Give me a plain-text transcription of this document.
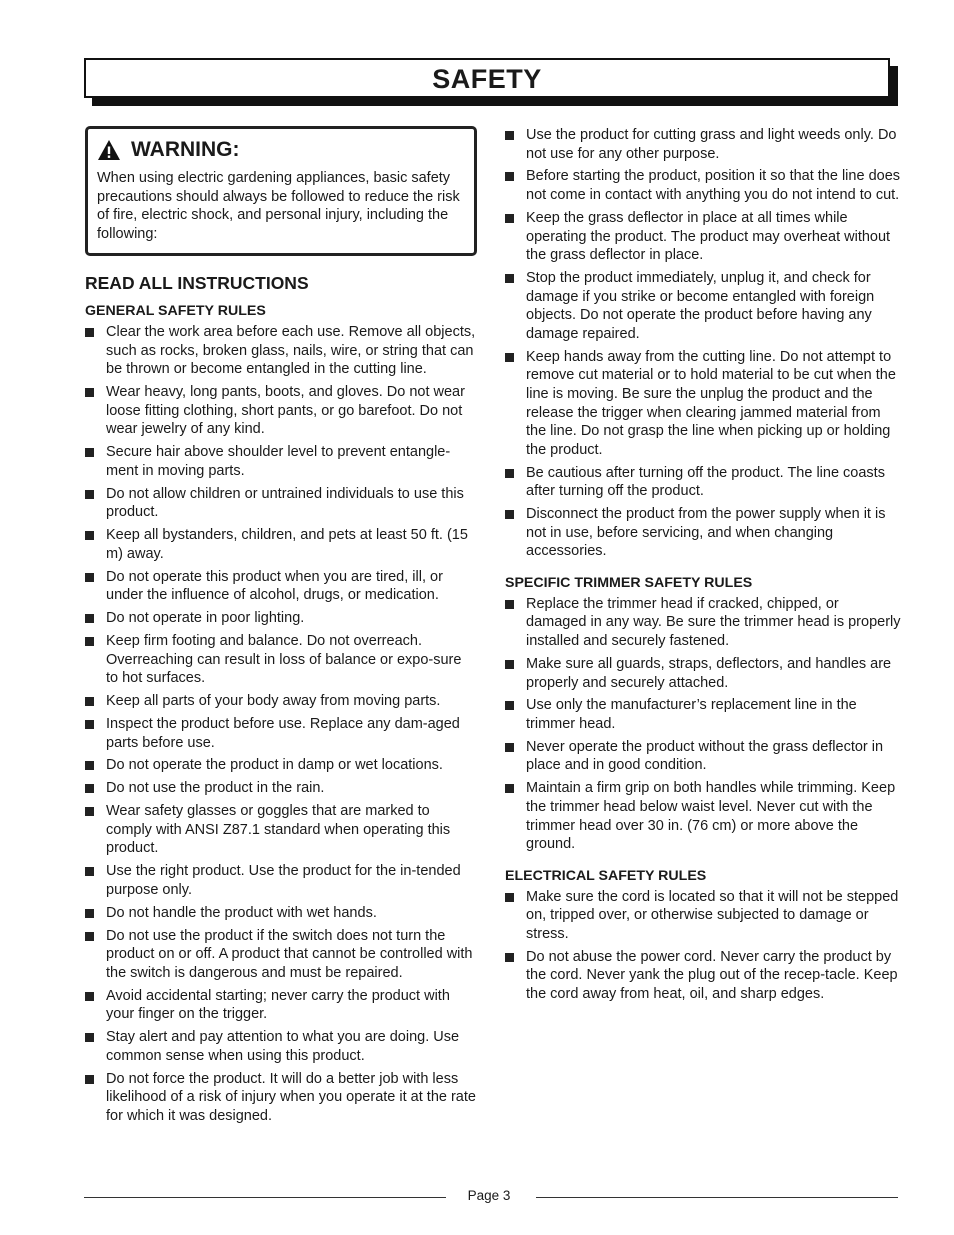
SAFETY
WARNING:
When using electric gardening appliances, basic safety precautions should always be followed to reduce the risk of fire, electric shock, and personal injury, including the following:
READ ALL INSTRUCTIONS
GENERAL SAFETY RULES
Clear the work area before each use. Remove all objects, such as rocks, broken glass, nails, wire, or string that can be thrown or become entangled in the cutting line.
Wear heavy, long pants, boots, and gloves. Do not wear loose fitting clothing, short pants, or go barefoot. Do not wear jewelry of any kind.
Secure hair above shoulder level to prevent entangle-ment in moving parts.
Do not allow children or untrained individuals to use this product.
Keep all bystanders, children, and pets at least 50 ft. (15 m) away.
Do not operate this product when you are tired, ill, or under the influence of alcohol, drugs, or medication.
Do not operate in poor lighting.
Keep firm footing and balance. Do not overreach. Overreaching can result in loss of balance or expo-sure to hot surfaces.
Keep all parts of your body away from moving parts.
Inspect the product before use. Replace any dam-aged parts before use.
Do not operate the product in damp or wet locations.
Do not use the product in the rain.
Wear safety glasses or goggles that are marked to comply with ANSI Z87.1 standard when operating this product.
Use the right product. Use the product for the in-tended purpose only.
Do not handle the product with wet hands.
Do not use the product if the switch does not turn the product on or off. A product that cannot be controlled with the switch is dangerous and must be repaired.
Avoid accidental starting; never carry the product with your finger on the trigger.
Stay alert and pay attention to what you are doing. Use common sense when using this product.
Do not force the product. It will do a better job with less likelihood of a risk of injury when you operate it at the rate for which it was designed.
Use the product for cutting grass and light weeds only. Do not use for any other purpose.
Before starting the product, position it so that the line does not come in contact with anything you do not intend to cut.
Keep the grass deflector in place at all times while operating the product. The product may overheat without the grass deflector in place.
Stop the product immediately, unplug it, and check for damage if you strike or become entangled with foreign objects. Do not operate the product before having any damage repaired.
Keep hands away from the cutting line. Do not attempt to remove cut material or to hold material to be cut when the line is moving. Be sure the unplug the product and the release the trigger when clearing jammed material from the line. Do not grasp the line when picking up or holding the product.
Be cautious after turning off the product. The line coasts after turning off the product.
Disconnect the product from the power supply when it is not in use, before servicing, and when changing accessories.
SPECIFIC TRIMMER SAFETY RULES
Replace the trimmer head if cracked, chipped, or damaged in any way. Be sure the trimmer head is properly installed and securely fastened.
Make sure all guards, straps, deflectors, and handles are properly and securely attached.
Use only the manufacturer’s replacement line in the trimmer head.
Never operate the product without the grass deflector in place and in good condition.
Maintain a firm grip on both handles while trimming. Keep the trimmer head below waist level. Never cut with the trimmer head over 30 in. (76 cm) or more above the ground.
ELECTRICAL SAFETY RULES
Make sure the cord is located so that it will not be stepped on, tripped over, or otherwise subjected to damage or stress.
Do not abuse the power cord. Never carry the product by the cord. Never yank the plug out of the recep-tacle. Keep the cord away from heat, oil, and sharp edges.
Page 3
